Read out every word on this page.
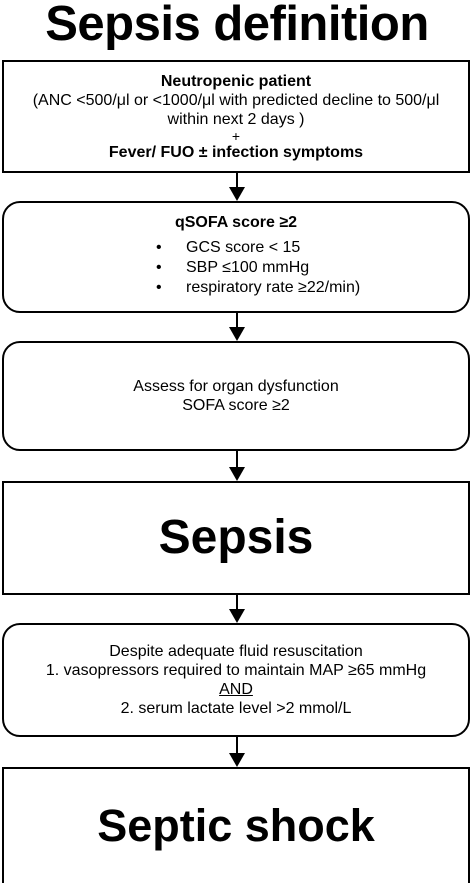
Sepsis definition
Neutropenic patient
(ANC <500/μl or <1000/μl with predicted decline to 500/μl
within next 2 days )
+
Fever/ FUO ± infection symptoms
qSOFA score ≥2
• GCS score < 15
• SBP ≤100 mmHg
• respiratory rate ≥22/min)
Assess for organ dysfunction
SOFA score ≥2
Sepsis
Despite adequate fluid resuscitation
1. vasopressors required to maintain MAP ≥65 mmHg
AND
2. serum lactate level >2 mmol/L
Septic shock
